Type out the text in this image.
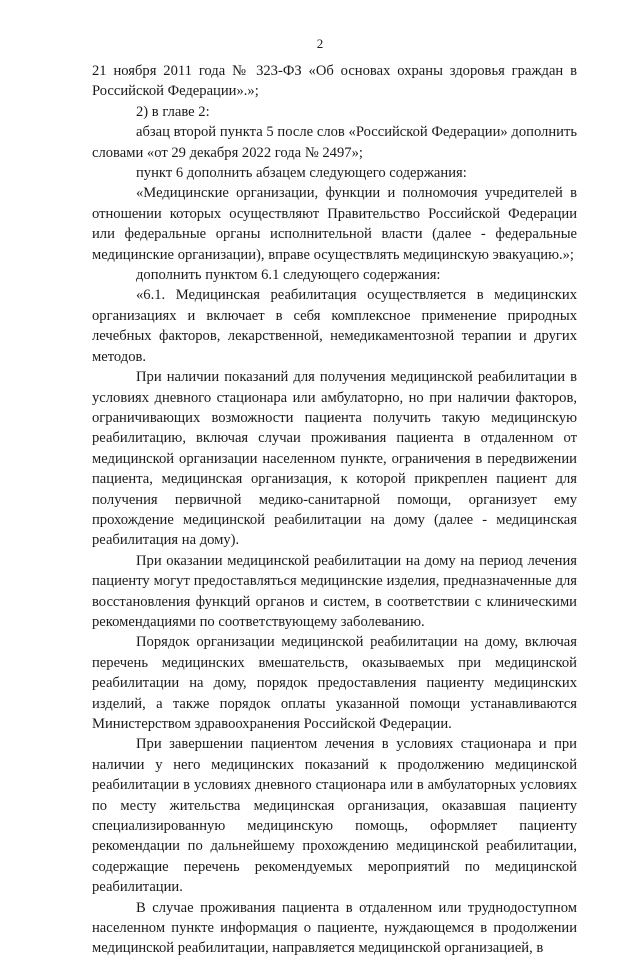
2

21 ноября 2011 года № 323-ФЗ «Об основах охраны здоровья граждан в Российской Федерации».»;

2) в главе 2:

абзац второй пункта 5 после слов «Российской Федерации» дополнить словами «от 29 декабря 2022 года № 2497»;

пункт 6 дополнить абзацем следующего содержания:

«Медицинские организации, функции и полномочия учредителей в отношении которых осуществляют Правительство Российской Федерации или федеральные органы исполнительной власти (далее - федеральные медицинские организации), вправе осуществлять медицинскую эвакуацию.»;

дополнить пунктом 6.1 следующего содержания:

«6.1. Медицинская реабилитация осуществляется в медицинских организациях и включает в себя комплексное применение природных лечебных факторов, лекарственной, немедикаментозной терапии и других методов.

При наличии показаний для получения медицинской реабилитации в условиях дневного стационара или амбулаторно, но при наличии факторов, ограничивающих возможности пациента получить такую медицинскую реабилитацию, включая случаи проживания пациента в отдаленном от медицинской организации населенном пункте, ограничения в передвижении пациента, медицинская организация, к которой прикреплен пациент для получения первичной медико-санитарной помощи, организует ему прохождение медицинской реабилитации на дому (далее - медицинская реабилитация на дому).

При оказании медицинской реабилитации на дому на период лечения пациенту могут предоставляться медицинские изделия, предназначенные для восстановления функций органов и систем, в соответствии с клиническими рекомендациями по соответствующему заболеванию.

Порядок организации медицинской реабилитации на дому, включая перечень медицинских вмешательств, оказываемых при медицинской реабилитации на дому, порядок предоставления пациенту медицинских изделий, а также порядок оплаты указанной помощи устанавливаются Министерством здравоохранения Российской Федерации.

При завершении пациентом лечения в условиях стационара и при наличии у него медицинских показаний к продолжению медицинской реабилитации в условиях дневного стационара или в амбулаторных условиях по месту жительства медицинская организация, оказавшая пациенту специализированную медицинскую помощь, оформляет пациенту рекомендации по дальнейшему прохождению медицинской реабилитации, содержащие перечень рекомендуемых мероприятий по медицинской реабилитации.

В случае проживания пациента в отдаленном или труднодоступном населенном пункте информация о пациенте, нуждающемся в продолжении медицинской реабилитации, направляется медицинской организацией, в
